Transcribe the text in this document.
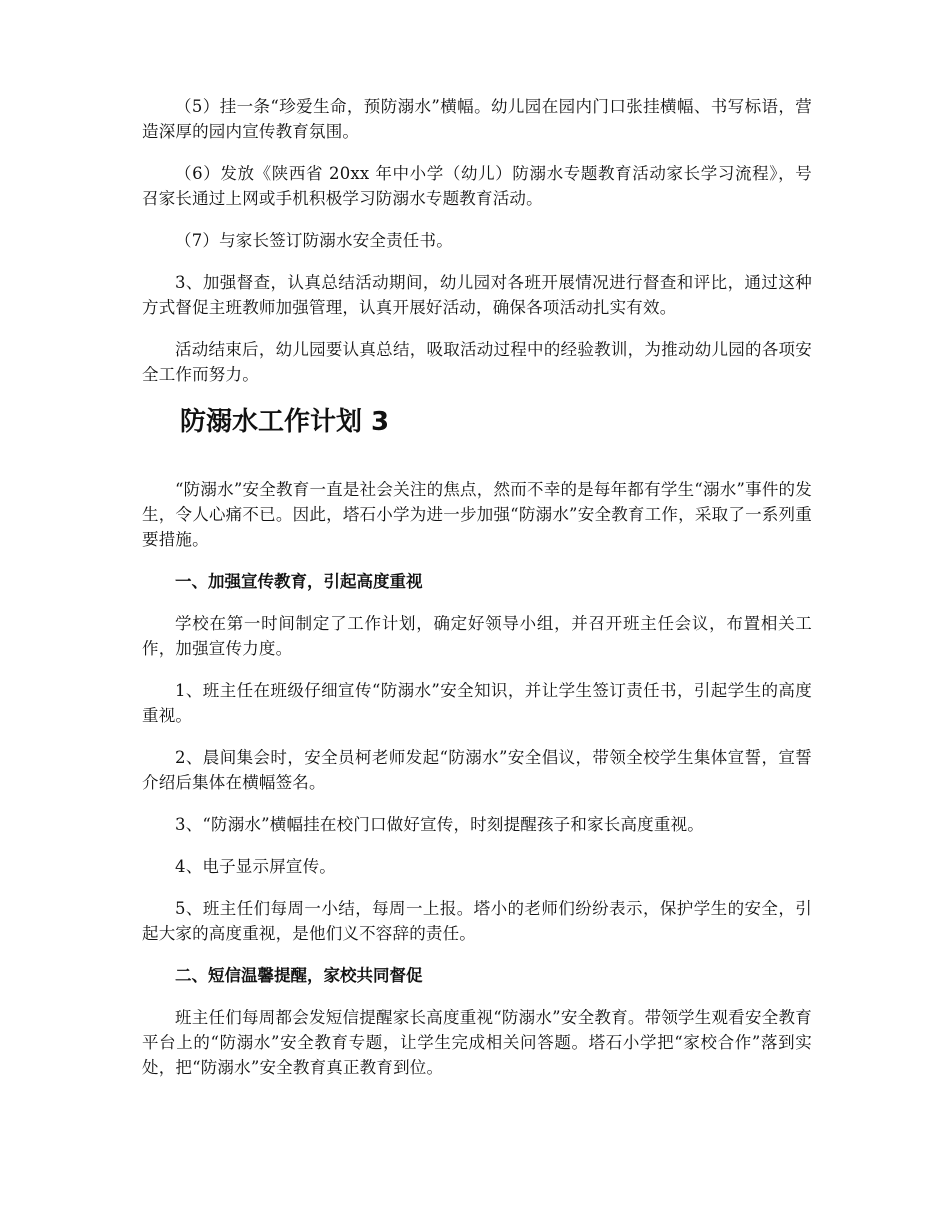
（5）挂一条“珍爱生命，预防溺水”横幅。幼儿园在园内门口张挂横幅、书写标语，营造深厚的园内宣传教育氛围。

（6）发放《陕西省 20xx 年中小学（幼儿）防溺水专题教育活动家长学习流程》，号召家长通过上网或手机积极学习防溺水专题教育活动。

（7）与家长签订防溺水安全责任书。

3、加强督查，认真总结活动期间，幼儿园对各班开展情况进行督查和评比，通过这种方式督促主班教师加强管理，认真开展好活动，确保各项活动扎实有效。

活动结束后，幼儿园要认真总结，吸取活动过程中的经验教训，为推动幼儿园的各项安全工作而努力。

防溺水工作计划 3

“防溺水”安全教育一直是社会关注的焦点，然而不幸的是每年都有学生“溺水”事件的发生，令人心痛不已。因此，塔石小学为进一步加强“防溺水”安全教育工作，采取了一系列重要措施。

一、加强宣传教育，引起高度重视

学校在第一时间制定了工作计划，确定好领导小组，并召开班主任会议，布置相关工作，加强宣传力度。

1、班主任在班级仔细宣传“防溺水”安全知识，并让学生签订责任书，引起学生的高度重视。

2、晨间集会时，安全员柯老师发起“防溺水”安全倡议，带领全校学生集体宣誓，宣誓介绍后集体在横幅签名。

3、“防溺水”横幅挂在校门口做好宣传，时刻提醒孩子和家长高度重视。

4、电子显示屏宣传。

5、班主任们每周一小结，每周一上报。塔小的老师们纷纷表示，保护学生的安全，引起大家的高度重视，是他们义不容辞的责任。

二、短信温馨提醒，家校共同督促

班主任们每周都会发短信提醒家长高度重视“防溺水”安全教育。带领学生观看安全教育平台上的“防溺水”安全教育专题，让学生完成相关问答题。塔石小学把“家校合作”落到实处，把“防溺水”安全教育真正教育到位。
